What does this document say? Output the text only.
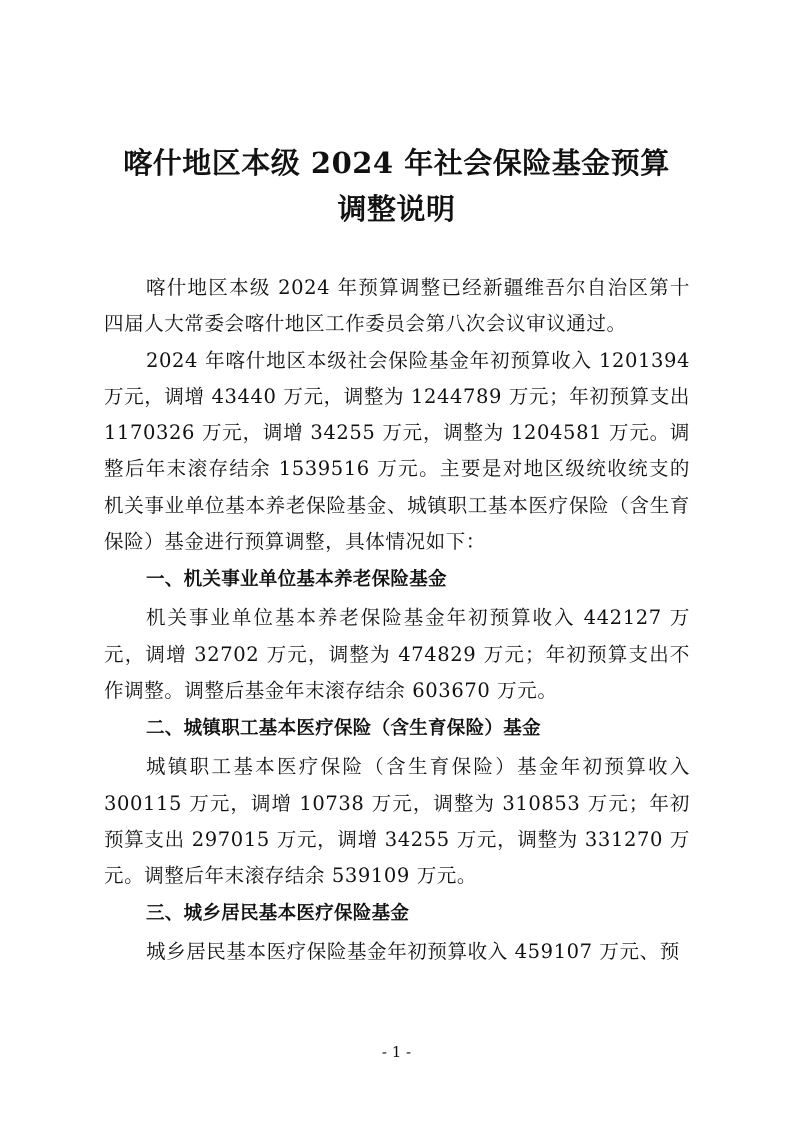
喀什地区本级 2024 年社会保险基金预算
调整说明

喀什地区本级 2024 年预算调整已经新疆维吾尔自治区第十四届人大常委会喀什地区工作委员会第八次会议审议通过。

2024 年喀什地区本级社会保险基金年初预算收入 1201394 万元，调增 43440 万元，调整为 1244789 万元；年初预算支出 1170326 万元，调增 34255 万元，调整为 1204581 万元。调整后年末滚存结余 1539516 万元。主要是对地区级统收统支的机关事业单位基本养老保险基金、城镇职工基本医疗保险（含生育保险）基金进行预算调整，具体情况如下：

一、机关事业单位基本养老保险基金

机关事业单位基本养老保险基金年初预算收入 442127 万元，调增 32702 万元，调整为 474829 万元；年初预算支出不作调整。调整后基金年末滚存结余 603670 万元。

二、城镇职工基本医疗保险（含生育保险）基金

城镇职工基本医疗保险（含生育保险）基金年初预算收入 300115 万元，调增 10738 万元，调整为 310853 万元；年初预算支出 297015 万元，调增 34255 万元，调整为 331270 万元。调整后年末滚存结余 539109 万元。

三、城乡居民基本医疗保险基金

城乡居民基本医疗保险基金年初预算收入 459107 万元、预

- 1 -
